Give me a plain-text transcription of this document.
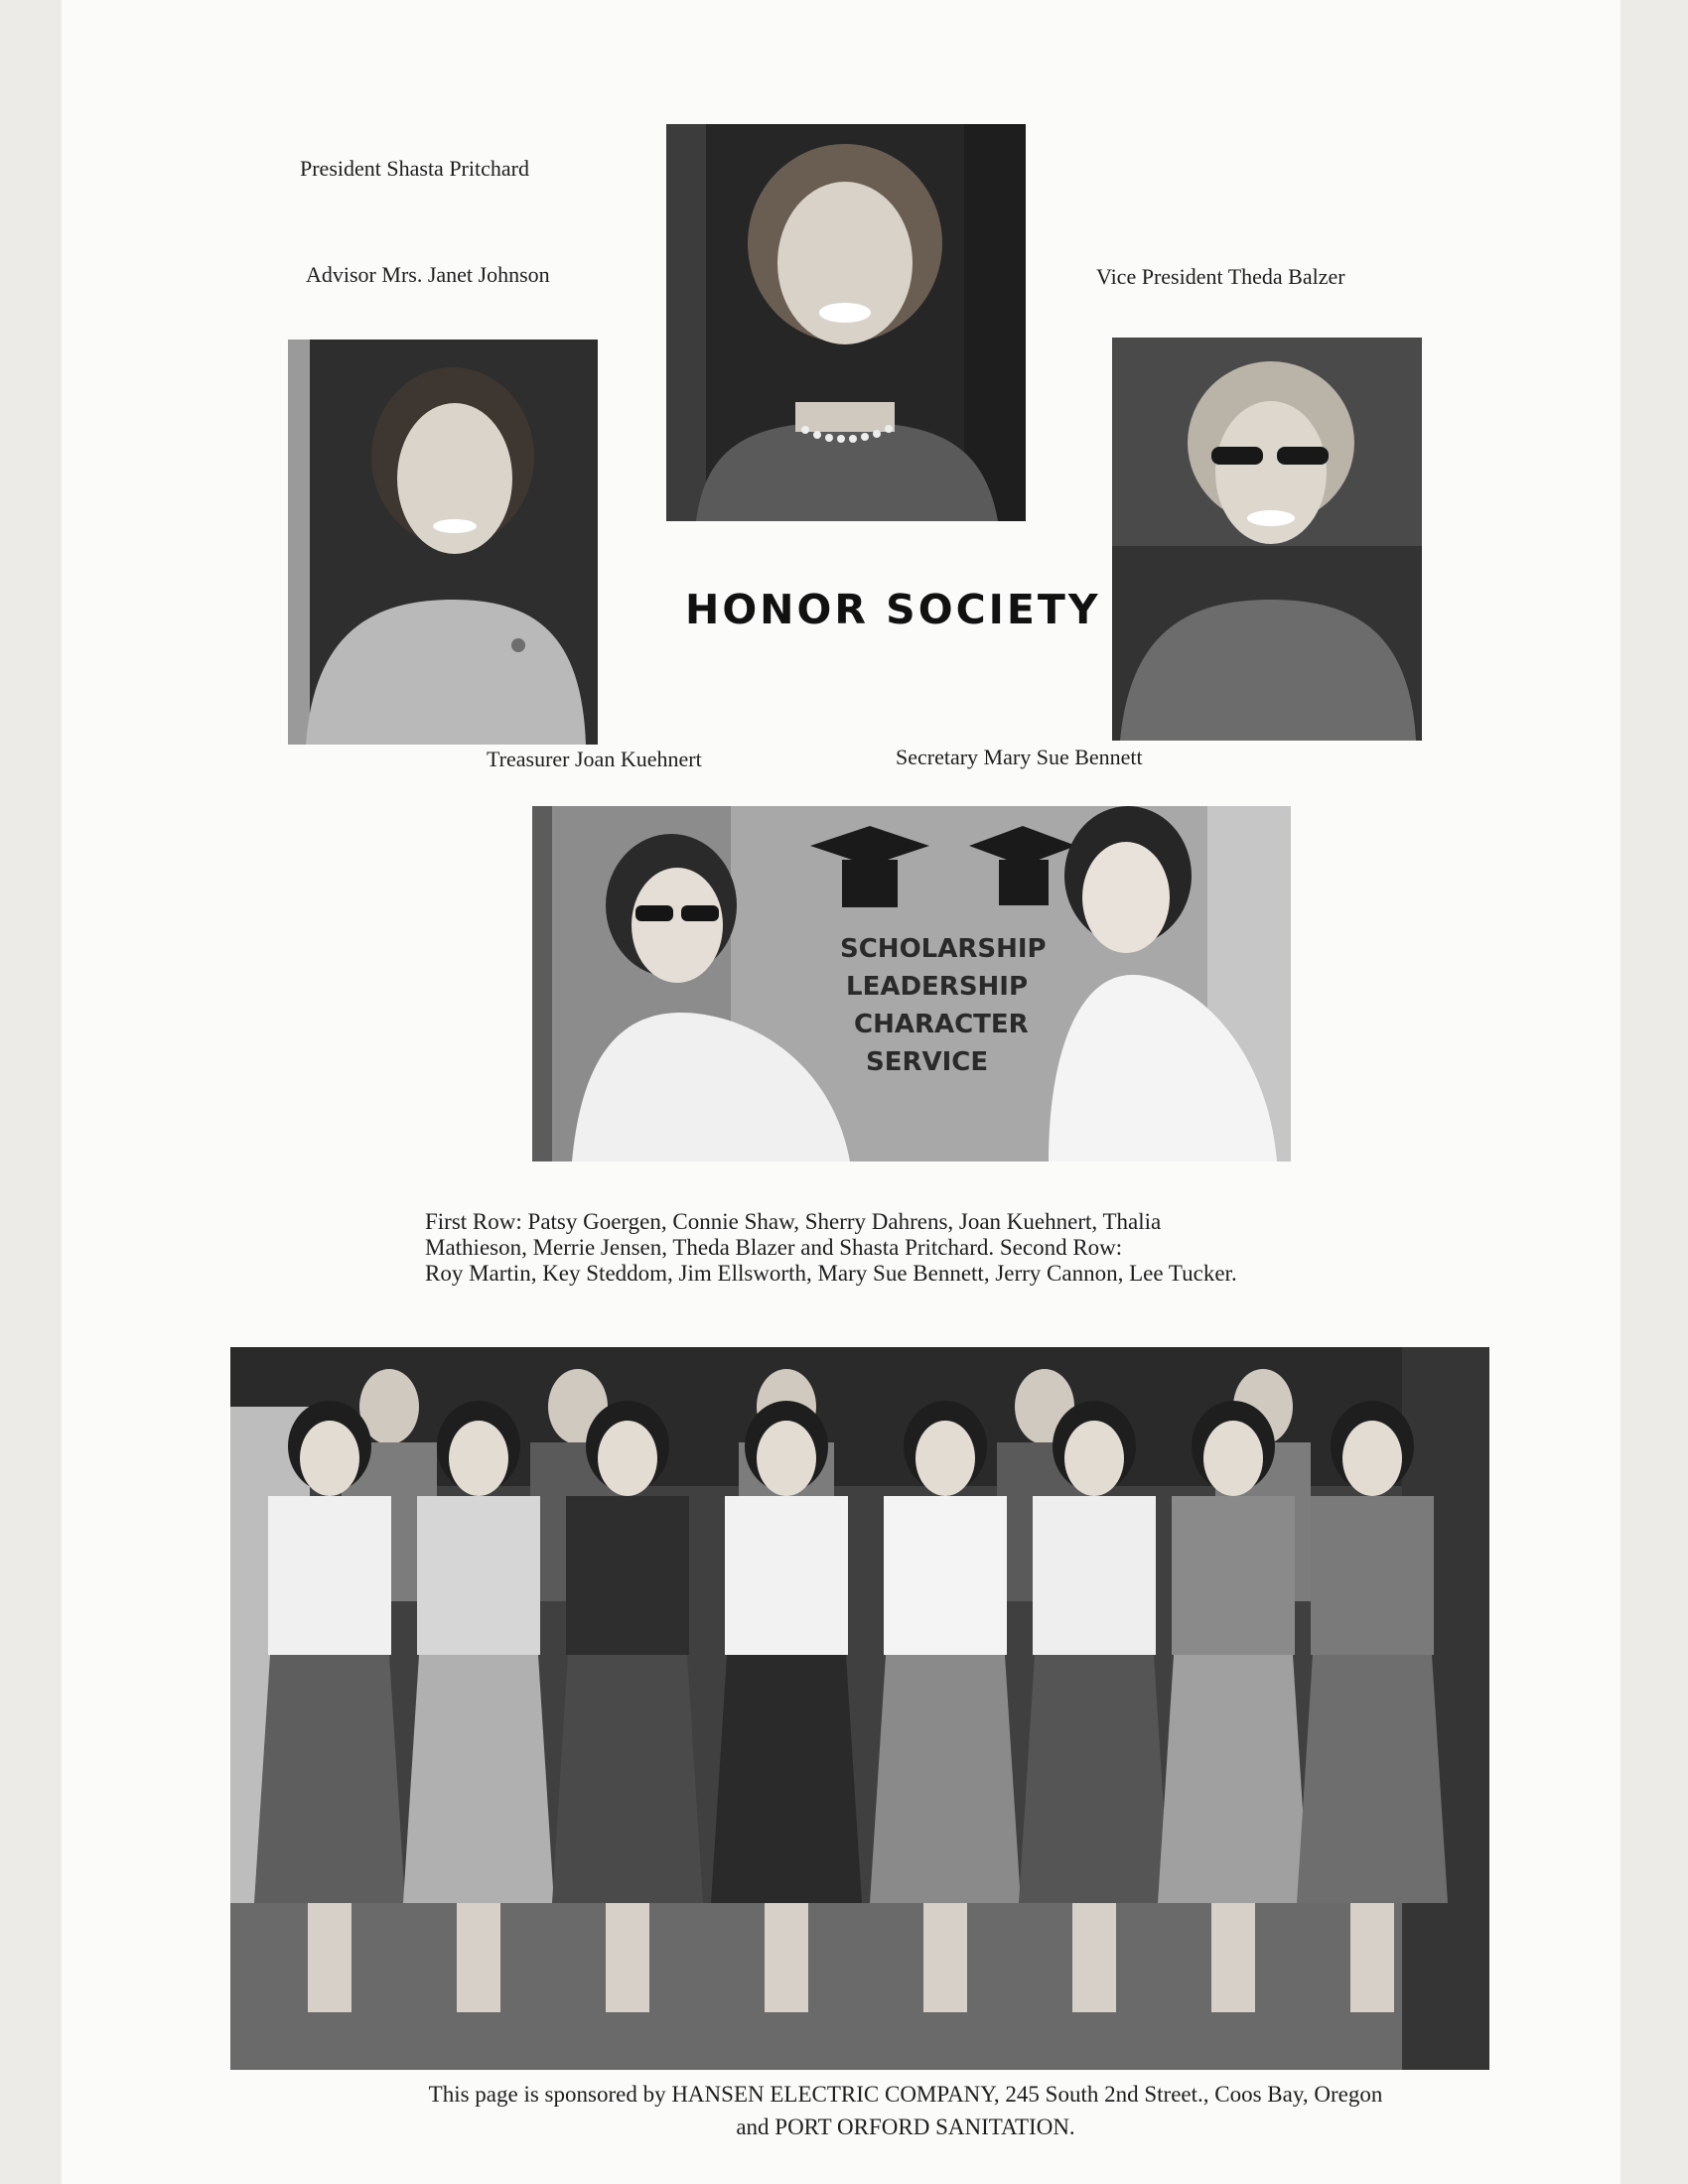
President Shasta Pritchard
Advisor Mrs. Janet Johnson	Vice President Theda Balzer
Treasurer Joan Kuehnert	Secretary Mary Sue Bennett
HONOR SOCIETY
SCHOLARSHIP
LEADERSHIP
CHARACTER
SERVICE
First Row: Patsy Goergen, Connie Shaw, Sherry Dahrens, Joan Kuehnert, Thalia
Mathieson, Merrie Jensen, Theda Blazer and Shasta Pritchard. Second Row:
Roy Martin, Key Steddom, Jim Ellsworth, Mary Sue Bennett, Jerry Cannon, Lee Tucker.
This page is sponsored by HANSEN ELECTRIC COMPANY, 245 South 2nd Street., Coos Bay, Oregon
and PORT ORFORD SANITATION.
